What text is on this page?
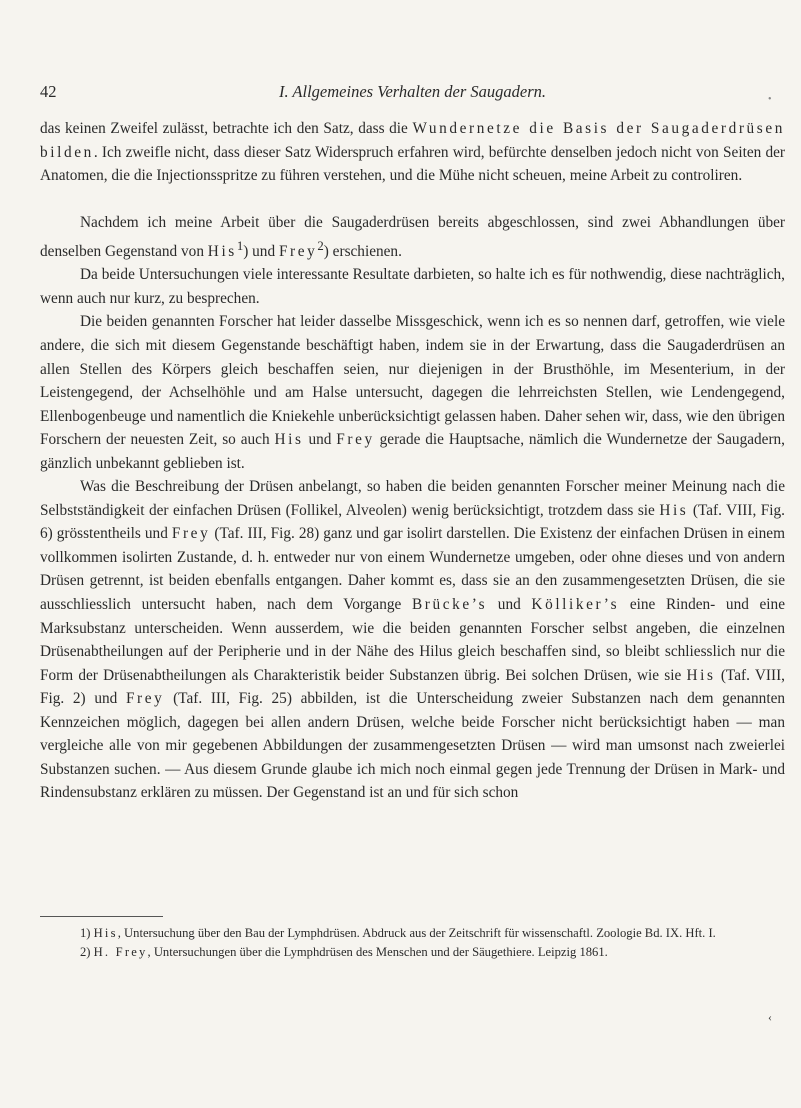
42	I. Allgemeines Verhalten der Saugadern.	•

das keinen Zweifel zulässt, betrachte ich den Satz, dass die Wundernetze die Basis der Saugaderdrüsen bilden. Ich zweifle nicht, dass dieser Satz Widerspruch erfahren wird, befürchte denselben jedoch nicht von Seiten der Anatomen, die die Injectionsspritze zu führen verstehen, und die Mühe nicht scheuen, meine Arbeit zu controliren.

Nachdem ich meine Arbeit über die Saugaderdrüsen bereits abgeschlossen, sind zwei Abhandlungen über denselben Gegenstand von His$^1$) und Frey$^2$) erschienen.

Da beide Untersuchungen viele interessante Resultate darbieten, so halte ich es für nothwendig, diese nachträglich, wenn auch nur kurz, zu besprechen.

Die beiden genannten Forscher hat leider dasselbe Missgeschick, wenn ich es so nennen darf, getroffen, wie viele andere, die sich mit diesem Gegenstande beschäftigt haben, indem sie in der Erwartung, dass die Saugaderdrüsen an allen Stellen des Körpers gleich beschaffen seien, nur diejenigen in der Brusthöhle, im Mesenterium, in der Leistengegend, der Achselhöhle und am Halse untersucht, dagegen die lehrreichsten Stellen, wie Lendengegend, Ellenbogenbeuge und namentlich die Kniekehle unberücksichtigt gelassen haben. Daher sehen wir, dass, wie den übrigen Forschern der neuesten Zeit, so auch His und Frey gerade die Hauptsache, nämlich die Wundernetze der Saugadern, gänzlich unbekannt geblieben ist.

Was die Beschreibung der Drüsen anbelangt, so haben die beiden genannten Forscher meiner Meinung nach die Selbstständigkeit der einfachen Drüsen (Follikel, Alveolen) wenig berücksichtigt, trotzdem dass sie His (Taf. VIII, Fig. 6) grösstentheils und Frey (Taf. III, Fig. 28) ganz und gar isolirt darstellen. Die Existenz der einfachen Drüsen in einem vollkommen isolirten Zustande, d. h. entweder nur von einem Wundernetze umgeben, oder ohne dieses und von andern Drüsen getrennt, ist beiden ebenfalls entgangen. Daher kommt es, dass sie an den zusammengesetzten Drüsen, die sie ausschliesslich untersucht haben, nach dem Vorgange Brücke’s und Kölliker’s eine Rinden- und eine Marksubstanz unterscheiden. Wenn ausserdem, wie die beiden genannten Forscher selbst angeben, die einzelnen Drüsenabtheilungen auf der Peripherie und in der Nähe des Hilus gleich beschaffen sind, so bleibt schliesslich nur die Form der Drüsenabtheilungen als Charakteristik beider Substanzen übrig. Bei solchen Drüsen, wie sie His (Taf. VIII, Fig. 2) und Frey (Taf. III, Fig. 25) abbilden, ist die Unterscheidung zweier Substanzen nach dem genannten Kennzeichen möglich, dagegen bei allen andern Drüsen, welche beide Forscher nicht berücksichtigt haben — man vergleiche alle von mir gegebenen Abbildungen der zusammengesetzten Drüsen — wird man umsonst nach zweierlei Substanzen suchen. — Aus diesem Grunde glaube ich mich noch einmal gegen jede Trennung der Drüsen in Mark- und Rindensubstanz erklären zu müssen. Der Gegenstand ist an und für sich schon

1) His, Untersuchung über den Bau der Lymphdrüsen. Abdruck aus der Zeitschrift für wissenschaftl. Zoologie Bd. IX. Hft. I.

2) H. Frey, Untersuchungen über die Lymphdrüsen des Menschen und der Säugethiere. Leipzig 1861.

‹
